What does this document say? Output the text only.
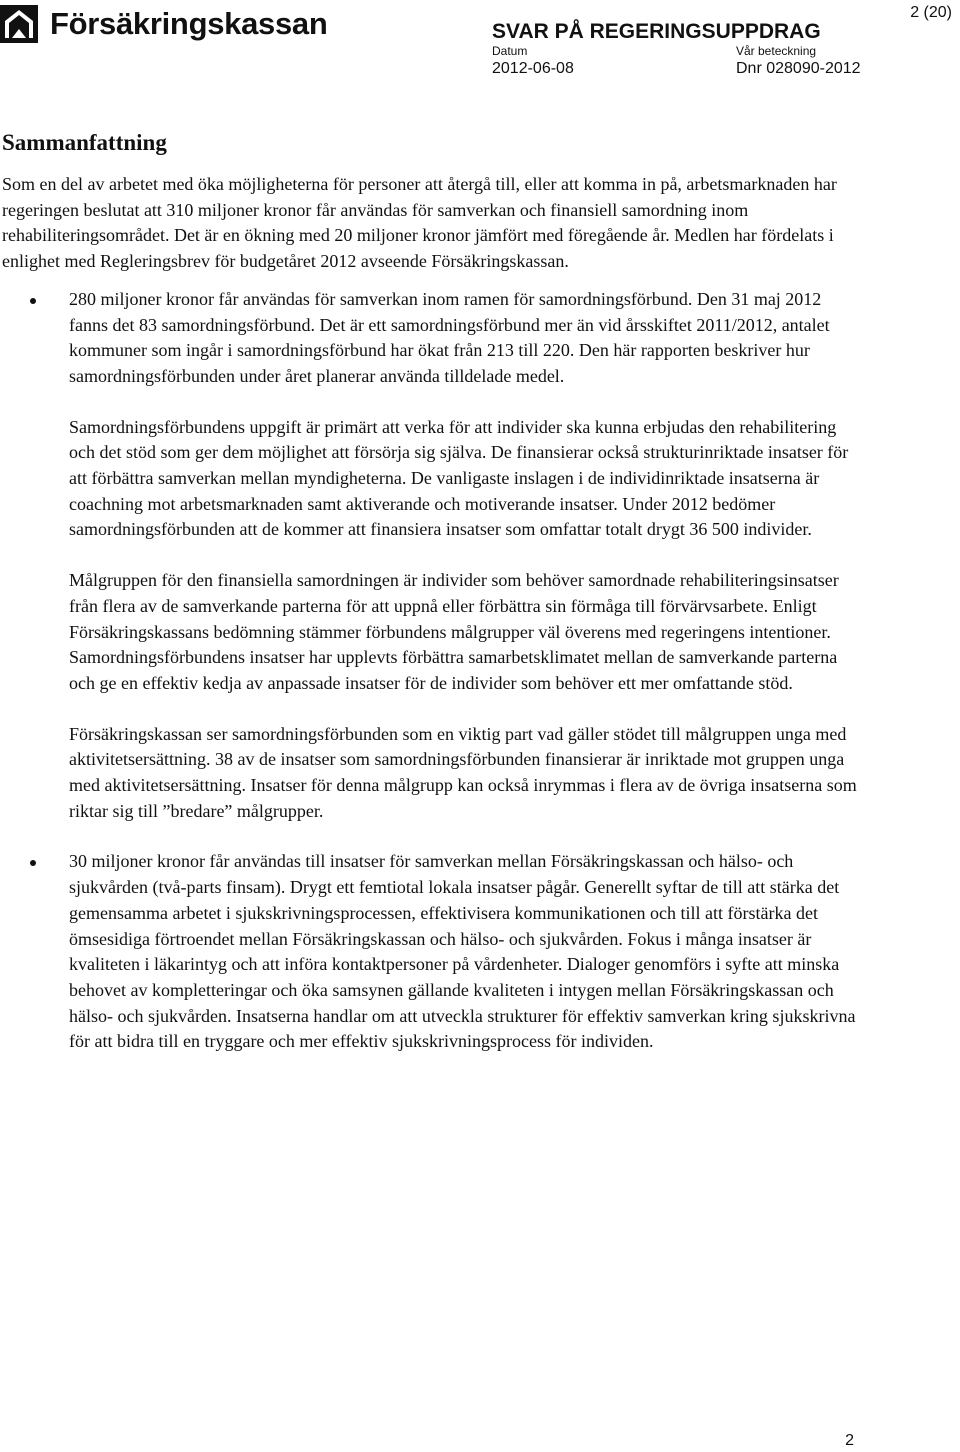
Försäkringskassan	SVAR PÅ REGERINGSUPPDRAG
2 (20)
Datum
2012-06-08
Vår beteckning
Dnr 028090-2012
Sammanfattning

Som en del av arbetet med öka möjligheterna för personer att återgå till, eller att komma in på, arbetsmarknaden har regeringen beslutat att 310 miljoner kronor får användas för samverkan och finansiell samordning inom rehabiliteringsområdet. Det är en ökning med 20 miljoner kronor jämfört med föregående år. Medlen har fördelats i enlighet med Regleringsbrev för budgetåret 2012 avseende Försäkringskassan.

280 miljoner kronor får användas för samverkan inom ramen för samordningsförbund. Den 31 maj 2012 fanns det 83 samordningsförbund. Det är ett samordningsförbund mer än vid årsskiftet 2011/2012, antalet kommuner som ingår i samordningsförbund har ökat från 213 till 220. Den här rapporten beskriver hur samordningsförbunden under året planerar använda tilldelade medel.

Samordningsförbundens uppgift är primärt att verka för att individer ska kunna erbjudas den rehabilitering och det stöd som ger dem möjlighet att försörja sig själva. De finansierar också strukturinriktade insatser för att förbättra samverkan mellan myndigheterna. De vanligaste inslagen i de individinriktade insatserna är coachning mot arbetsmarknaden samt aktiverande och motiverande insatser. Under 2012 bedömer samordningsförbunden att de kommer att finansiera insatser som omfattar totalt drygt 36 500 individer.

Målgruppen för den finansiella samordningen är individer som behöver samordnade rehabiliteringsinsatser från flera av de samverkande parterna för att uppnå eller förbättra sin förmåga till förvärvsarbete. Enligt Försäkringskassans bedömning stämmer förbundens målgrupper väl överens med regeringens intentioner. Samordningsförbundens insatser har upplevts förbättra samarbetsklimatet mellan de samverkande parterna och ge en effektiv kedja av anpassade insatser för de individer som behöver ett mer omfattande stöd.

Försäkringskassan ser samordningsförbunden som en viktig part vad gäller stödet till målgruppen unga med aktivitetsersättning. 38 av de insatser som samordningsförbunden finansierar är inriktade mot gruppen unga med aktivitetsersättning. Insatser för denna målgrupp kan också inrymmas i flera av de övriga insatserna som riktar sig till ”bredare” målgrupper.

30 miljoner kronor får användas till insatser för samverkan mellan Försäkringskassan och hälso- och sjukvården (två-parts finsam). Drygt ett femtiotal lokala insatser pågår. Generellt syftar de till att stärka det gemensamma arbetet i sjukskrivningsprocessen, effektivisera kommunikationen och till att förstärka det ömsesidiga förtroendet mellan Försäkringskassan och hälso- och sjukvården. Fokus i många insatser är kvaliteten i läkarintyg och att införa kontaktpersoner på vårdenheter. Dialoger genomförs i syfte att minska behovet av kompletteringar och öka samsynen gällande kvaliteten i intygen mellan Försäkringskassan och hälso- och sjukvården. Insatserna handlar om att utveckla strukturer för effektiv samverkan kring sjukskrivna för att bidra till en tryggare och mer effektiv sjukskrivningsprocess för individen.

2
